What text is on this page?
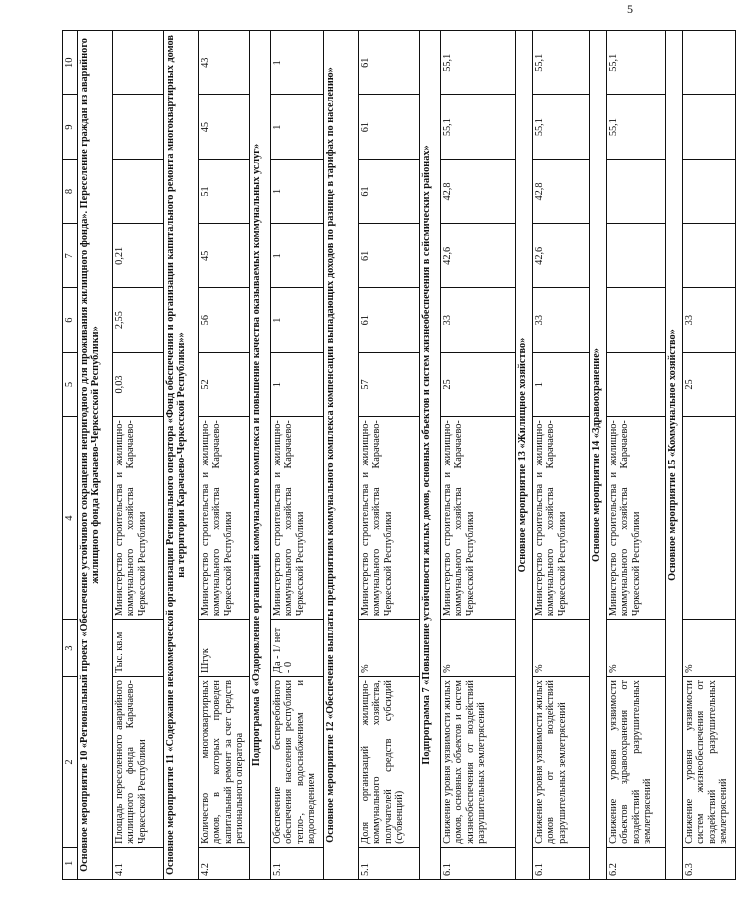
5
1	2	3	4	5	6	7	8	9	10
Основное мероприятие 10 «Региональный проект «Обеспечение устойчивого сокращения непригодного для проживания жилищного фонда». Переселение граждан из аварийного жилищного фонда Карачаево-Черкесской Республики»									
4.1	Площадь переселенного аварийного жилищного фонда Карачаево-Черкесской Республики	Тыс. кв.м	Министерство строительства и жилищно-коммунального хозяйства Карачаево-Черкесской Республики	0,03	2,55	0,21			
Основное мероприятие 11 «Содержание некоммерческой организации Регионального оператора «Фонд обеспечения и организации капитального ремонта многоквартирных домов на территории Карачаево-Черкесской Республики»»									
4.2	Количество многоквартирных домов, в которых проведен капитальный ремонт за счет средств регионального оператора	Штук	Министерство строительства и жилищно-коммунального хозяйства Карачаево-Черкесской Республики	52	56	45	51	45	43
Подпрограмма 6 «Оздоровление организаций коммунального комплекса и повышение качества оказываемых коммунальных услуг»									
5.1	Обеспечение бесперебойного обеспечения населения республики тепло-, водоснабжением и водоотведением	Да - 1/ нет - 0	Министерство строительства и жилищно-коммунального хозяйства Карачаево-Черкесской Республики	1	1	1	1	1	1
Основное мероприятие 12 «Обеспечение выплаты предприятиям коммунального комплекса компенсации выпадающих доходов по разнице в тарифах по населению»									
5.1	Доля организаций жилищно-коммунального хозяйства, получателей средств субсидий (субвенций)	%	Министерство строительства и жилищно-коммунального хозяйства Карачаево-Черкесской Республики	57	61	61	61	61	61
Подпрограмма 7 «Повышение устойчивости жилых домов, основных объектов и систем жизнеобеспечения в сейсмических районах»									
6.1	Снижение уровня уязвимости жилых домов, основных объектов и систем жизнеобеспечения от воздействий разрушительных землетрясений	%	Министерство строительства и жилищно-коммунального хозяйства Карачаево-Черкесской Республики	25	33	42,6	42,8	55,1	55,1
Основное мероприятие 13 «Жилищное хозяйство»									
6.1	Снижение уровня уязвимости жилых домов от воздействий разрушительных землетрясений	%	Министерство строительства и жилищно-коммунального хозяйства Карачаево-Черкесской Республики	1	33	42,6	42,8	55,1	55,1
Основное мероприятие 14 «Здравоохранение»									
6.2	Снижение уровня уязвимости объектов здравоохранения от воздействий разрушительных землетрясений	%	Министерство строительства и жилищно-коммунального хозяйства Карачаево-Черкесской Республики					55,1	55,1
Основное мероприятие 15 «Коммунальное хозяйство»									
6.3	Снижение уровня уязвимости систем жизнеобеспечения от воздействий разрушительных землетрясений	%		25	33				
